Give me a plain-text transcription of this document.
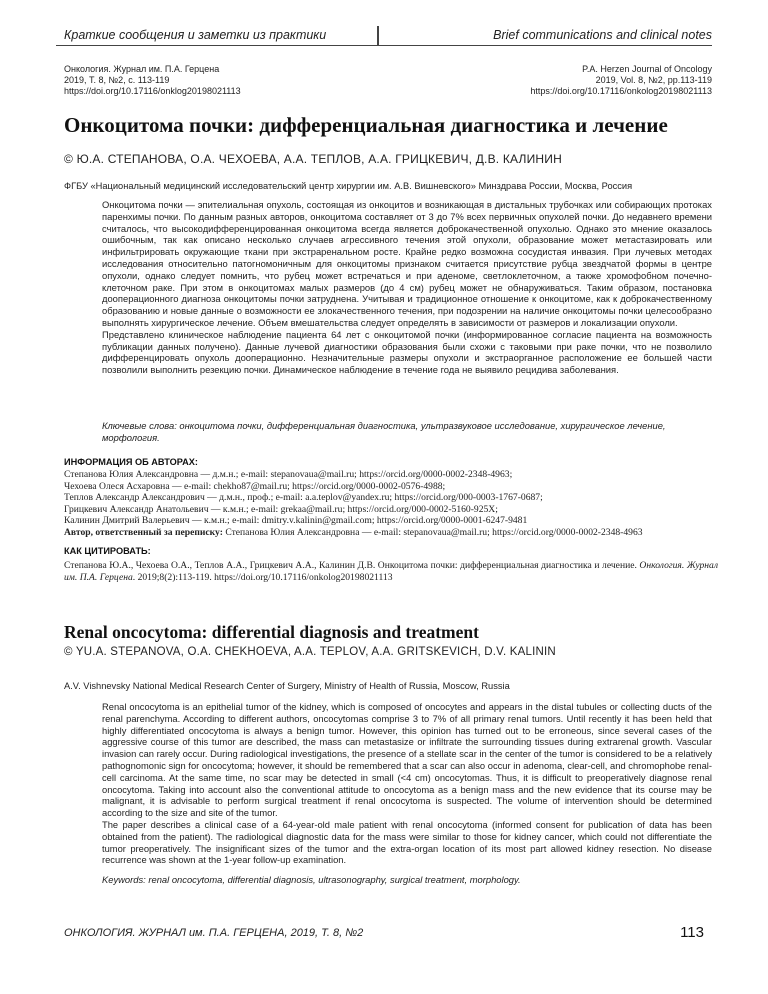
Краткие сообщения и заметки из практики	Brief communications and clinical notes
Онкология. Журнал им. П.А. Герцена
2019, Т. 8, №2, с. 113-119
https://doi.org/10.17116/onklog20198021113
P.A. Herzen Journal of Oncology
2019, Vol. 8, №2, pp.113-119
https://doi.org/10.17116/onkolog20198021113
Онкоцитома почки: дифференциальная диагностика и лечение
© Ю.А. СТЕПАНОВА, О.А. ЧЕХОЕВА, А.А. ТЕПЛОВ, А.А. ГРИЦКЕВИЧ, Д.В. КАЛИНИН
ФГБУ «Национальный медицинский исследовательский центр хирургии им. А.В. Вишневского» Минздрава России, Москва, Россия

Онкоцитома почки — эпителиальная опухоль, состоящая из онкоцитов и возникающая в дистальных трубочках или собирающих протоках паренхимы почки. По данным разных авторов, онкоцитома составляет от 3 до 7% всех первичных опухолей почки. До недавнего времени считалось, что высокодифференцированная онкоцитома всегда является доброкачественной опухолью. Однако это мнение оказалось ошибочным, так как описано несколько случаев агрессивного течения этой опухоли, образование может метастазировать или инфильтрировать окружающие ткани при экстраренальном росте. Крайне редко возможна сосудистая инвазия. При лучевых методах исследования относительно патогномоничным для онкоцитомы признаком считается присутствие рубца звездчатой формы в центре опухоли, однако следует помнить, что рубец может встречаться и при аденоме, светлоклеточном, а также хромофобном почечно-клеточном раке. При этом в онкоцитомах малых размеров (до 4 см) рубец может не обнаруживаться. Таким образом, постановка дооперационного диагноза онкоцитомы почки затруднена. Учитывая и традиционное отношение к онкоцитоме, как к доброкачественному образованию и новые данные о возможности ее злокачественного течения, при подозрении на наличие онкоцитомы почки целесообразно выполнять хирургическое лечение. Объем вмешательства следует определять в зависимости от размеров и локализации опухоли.

Представлено клиническое наблюдение пациента 64 лет с онкоцитомой почки (информированное согласие пациента на возможность публикации данных получено). Данные лучевой диагностики образования были схожи с таковыми при раке почки, что не позволило дифференцировать опухоль дооперационно. Незначительные размеры опухоли и экстраорганное расположение ее большей части позволили выполнить резекцию почки. Динамическое наблюдение в течение года не выявило рецидива заболевания.

Ключевые слова: онкоцитома почки, дифференциальная диагностика, ультразвуковое исследование, хирургическое лечение, морфология.
ИНФОРМАЦИЯ ОБ АВТОРАХ:
Степанова Юлия Александровна — д.м.н.; e-mail: stepanovaua@mail.ru; https://orcid.org/0000-0002-2348-4963;
Чехоева Олеся Асхаровна — e-mail: chekho87@mail.ru; https://orcid.org/0000-0002-0576-4988;
Теплов Александр Александрович — д.м.н., проф.; e-mail: a.a.teplov@yandex.ru; https://orcid.org/000-0003-1767-0687;
Грицкевич Александр Анатольевич — к.м.н.; e-mail: grekaa@mail.ru; https://orcid.org/000-0002-5160-925X;
Калинин Дмитрий Валерьевич — к.м.н.; e-mail: dmitry.v.kalinin@gmail.com; https://orcid.org/0000-0001-6247-9481
Автор, ответственный за переписку: Степанова Юлия Александровна — e-mail: stepanovaua@mail.ru; https://orcid.org/0000-0002-2348-4963
КАК ЦИТИРОВАТЬ:
Степанова Ю.А., Чехоева О.А., Теплов А.А., Грицкевич А.А., Калинин Д.В. Онкоцитома почки: дифференциальная диагностика и лечение. Онкология. Журнал им. П.А. Герцена. 2019;8(2):113-119. https://doi.org/10.17116/onkolog20198021113
Renal oncocytoma: differential diagnosis and treatment
© YU.A. STEPANOVA, O.A. CHEKHOEVA, A.A. TEPLOV, A.A. GRITSKEVICH, D.V. KALININ
A.V. Vishnevsky National Medical Research Center of Surgery, Ministry of Health of Russia, Moscow, Russia

Renal oncocytoma is an epithelial tumor of the kidney, which is composed of oncocytes and appears in the distal tubules or collecting ducts of the renal parenchyma. According to different authors, oncocytomas comprise 3 to 7% of all primary renal tumors. Until recently it has been held that highly differentiated oncocytoma is always a benign tumor. However, this opinion has turned out to be erroneous, since several cases of the aggressive course of this tumor are described, the mass can metastasize or infiltrate the surrounding tissues during extrarenal growth. Vascular invasion can rarely occur. During radiological investigations, the presence of a stellate scar in the center of the tumor is considered to be a relatively pathognomonic sign for oncocytoma; however, it should be remembered that a scar can also occur in adenoma, clear-cell, and chromophobe renal-cell carcinoma. At the same time, no scar may be detected in small (<4 cm) oncocytomas. Thus, it is difficult to preoperatively diagnose renal oncocytoma. Taking into account also the conventional attitude to oncocytoma as a benign mass and the new evidence that its course may be malignant, it is advisable to perform surgical treatment if renal oncocytoma is suspected. The volume of intervention should be determined according to the size and site of the tumor.

The paper describes a clinical case of a 64-year-old male patient with renal oncocytoma (informed consent for publication of data has been obtained from the patient). The radiological diagnostic data for the mass were similar to those for kidney cancer, which could not differentiate the tumor preoperatively. The insignificant sizes of the tumor and the extra-organ location of its most part allowed kidney resection. No disease recurrence was shown at the 1-year follow-up examination.

Keywords: renal oncocytoma, differential diagnosis, ultrasonography, surgical treatment, morphology.
ОНКОЛОГИЯ. ЖУРНАЛ им. П.А. ГЕРЦЕНА, 2019, Т. 8, №2	113
